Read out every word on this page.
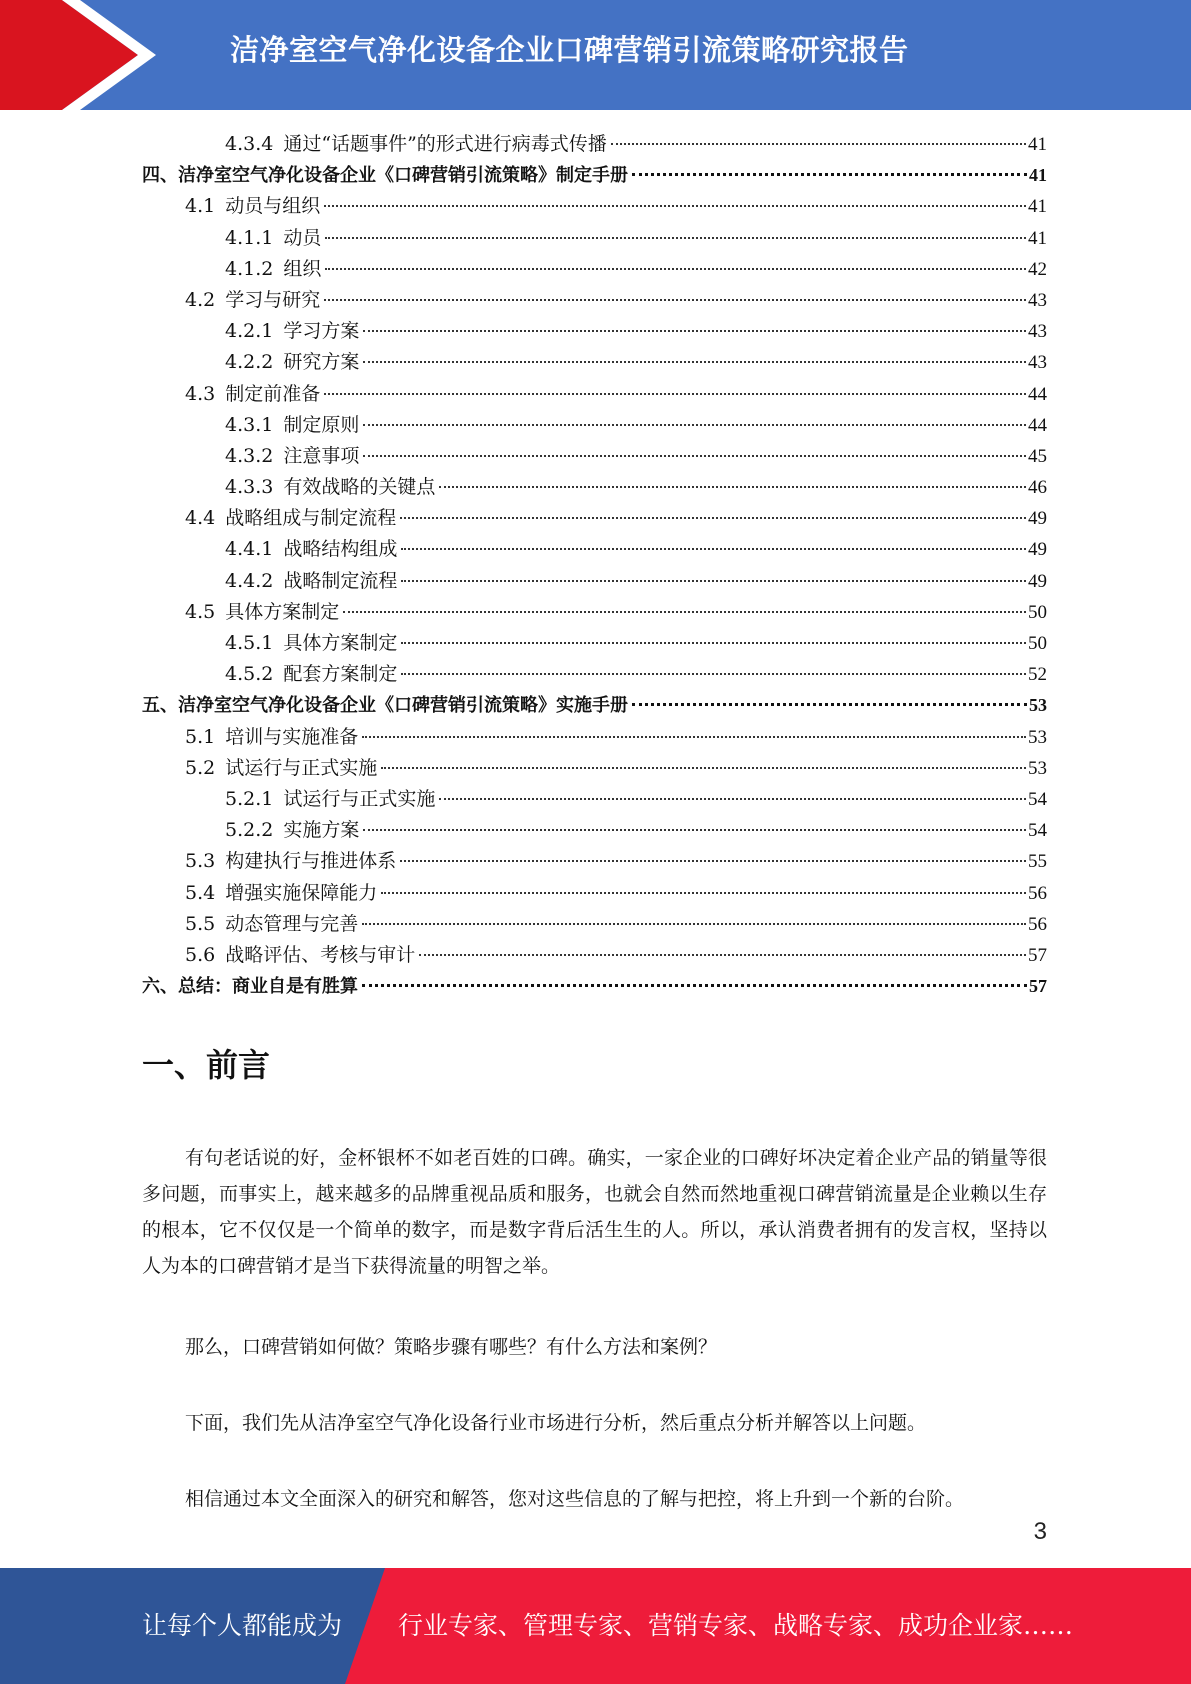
洁净室空气净化设备企业口碑营销引流策略研究报告
4.3.4 通过“话题事件”的形式进行病毒式传播	41
四、 洁净室空气净化设备企业《口碑营销引流策略》制定手册	41
4.1 动员与组织	41
4.1.1 动员	41
4.1.2 组织	42
4.2 学习与研究	43
4.2.1 学习方案	43
4.2.2 研究方案	43
4.3 制定前准备	44
4.3.1 制定原则	44
4.3.2 注意事项	45
4.3.3 有效战略的关键点	46
4.4 战略组成与制定流程	49
4.4.1 战略结构组成	49
4.4.2 战略制定流程	49
4.5 具体方案制定	50
4.5.1 具体方案制定	50
4.5.2 配套方案制定	52
五、 洁净室空气净化设备企业《口碑营销引流策略》实施手册	53
5.1 培训与实施准备	53
5.2 试运行与正式实施	53
5.2.1 试运行与正式实施	54
5.2.2 实施方案	54
5.3 构建执行与推进体系	55
5.4 增强实施保障能力	56
5.5 动态管理与完善	56
5.6 战略评估、考核与审计	57
六、 总结：商业自是有胜算	57
一、前言
有句老话说的好，金杯银杯不如老百姓的口碑。确实，一家企业的口碑好坏决定着企业产品的销量等很多问题，而事实上，越来越多的品牌重视品质和服务，也就会自然而然地重视口碑营销流量是企业赖以生存的根本，它不仅仅是一个简单的数字，而是数字背后活生生的人。所以，承认消费者拥有的发言权，坚持以人为本的口碑营销才是当下获得流量的明智之举。
那么，口碑营销如何做？策略步骤有哪些？有什么方法和案例？
下面，我们先从洁净室空气净化设备行业市场进行分析，然后重点分析并解答以上问题。
相信通过本文全面深入的研究和解答，您对这些信息的了解与把控，将上升到一个新的台阶。
3
让每个人都能成为 行业专家、管理专家、营销专家、战略专家、成功企业家……
